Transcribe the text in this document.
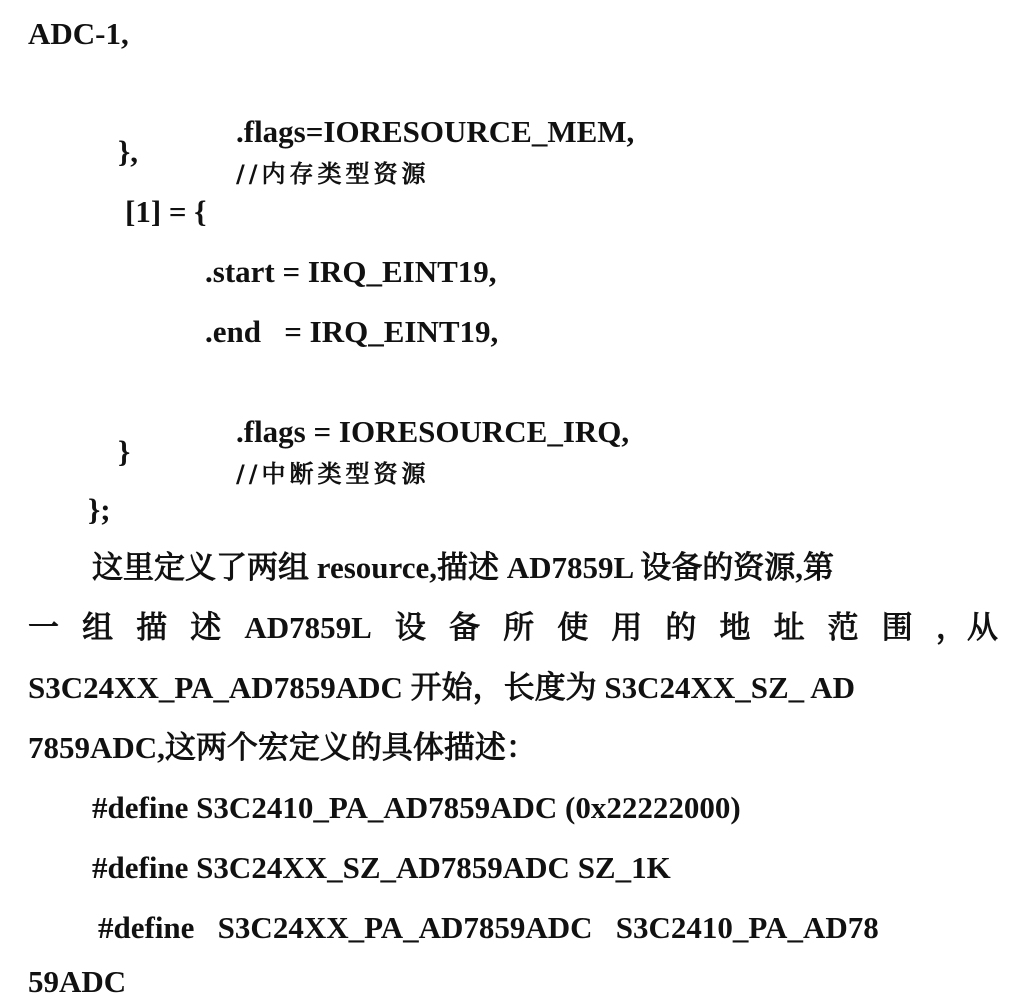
ADC-1,

.flags=IORESOURCE_MEM,
//内存类型资源

},
[1] = {
.start = IRQ_EINT19,
.end   = IRQ_EINT19,

.flags = IORESOURCE_IRQ,
//中断类型资源

}
};
这里定义了两组 resource,描述 AD7859L 设备的资源,第
一 组 描 述 AD7859L 设 备 所 使 用 的 地 址 范 围 ，从
S3C24XX_PA_AD7859ADC 开始，长度为 S3C24XX_SZ_ AD
7859ADC,这两个宏定义的具体描述：
#define S3C2410_PA_AD7859ADC (0x22222000)
#define S3C24XX_SZ_AD7859ADC SZ_1K
#define   S3C24XX_PA_AD7859ADC   S3C2410_PA_AD78
59ADC
